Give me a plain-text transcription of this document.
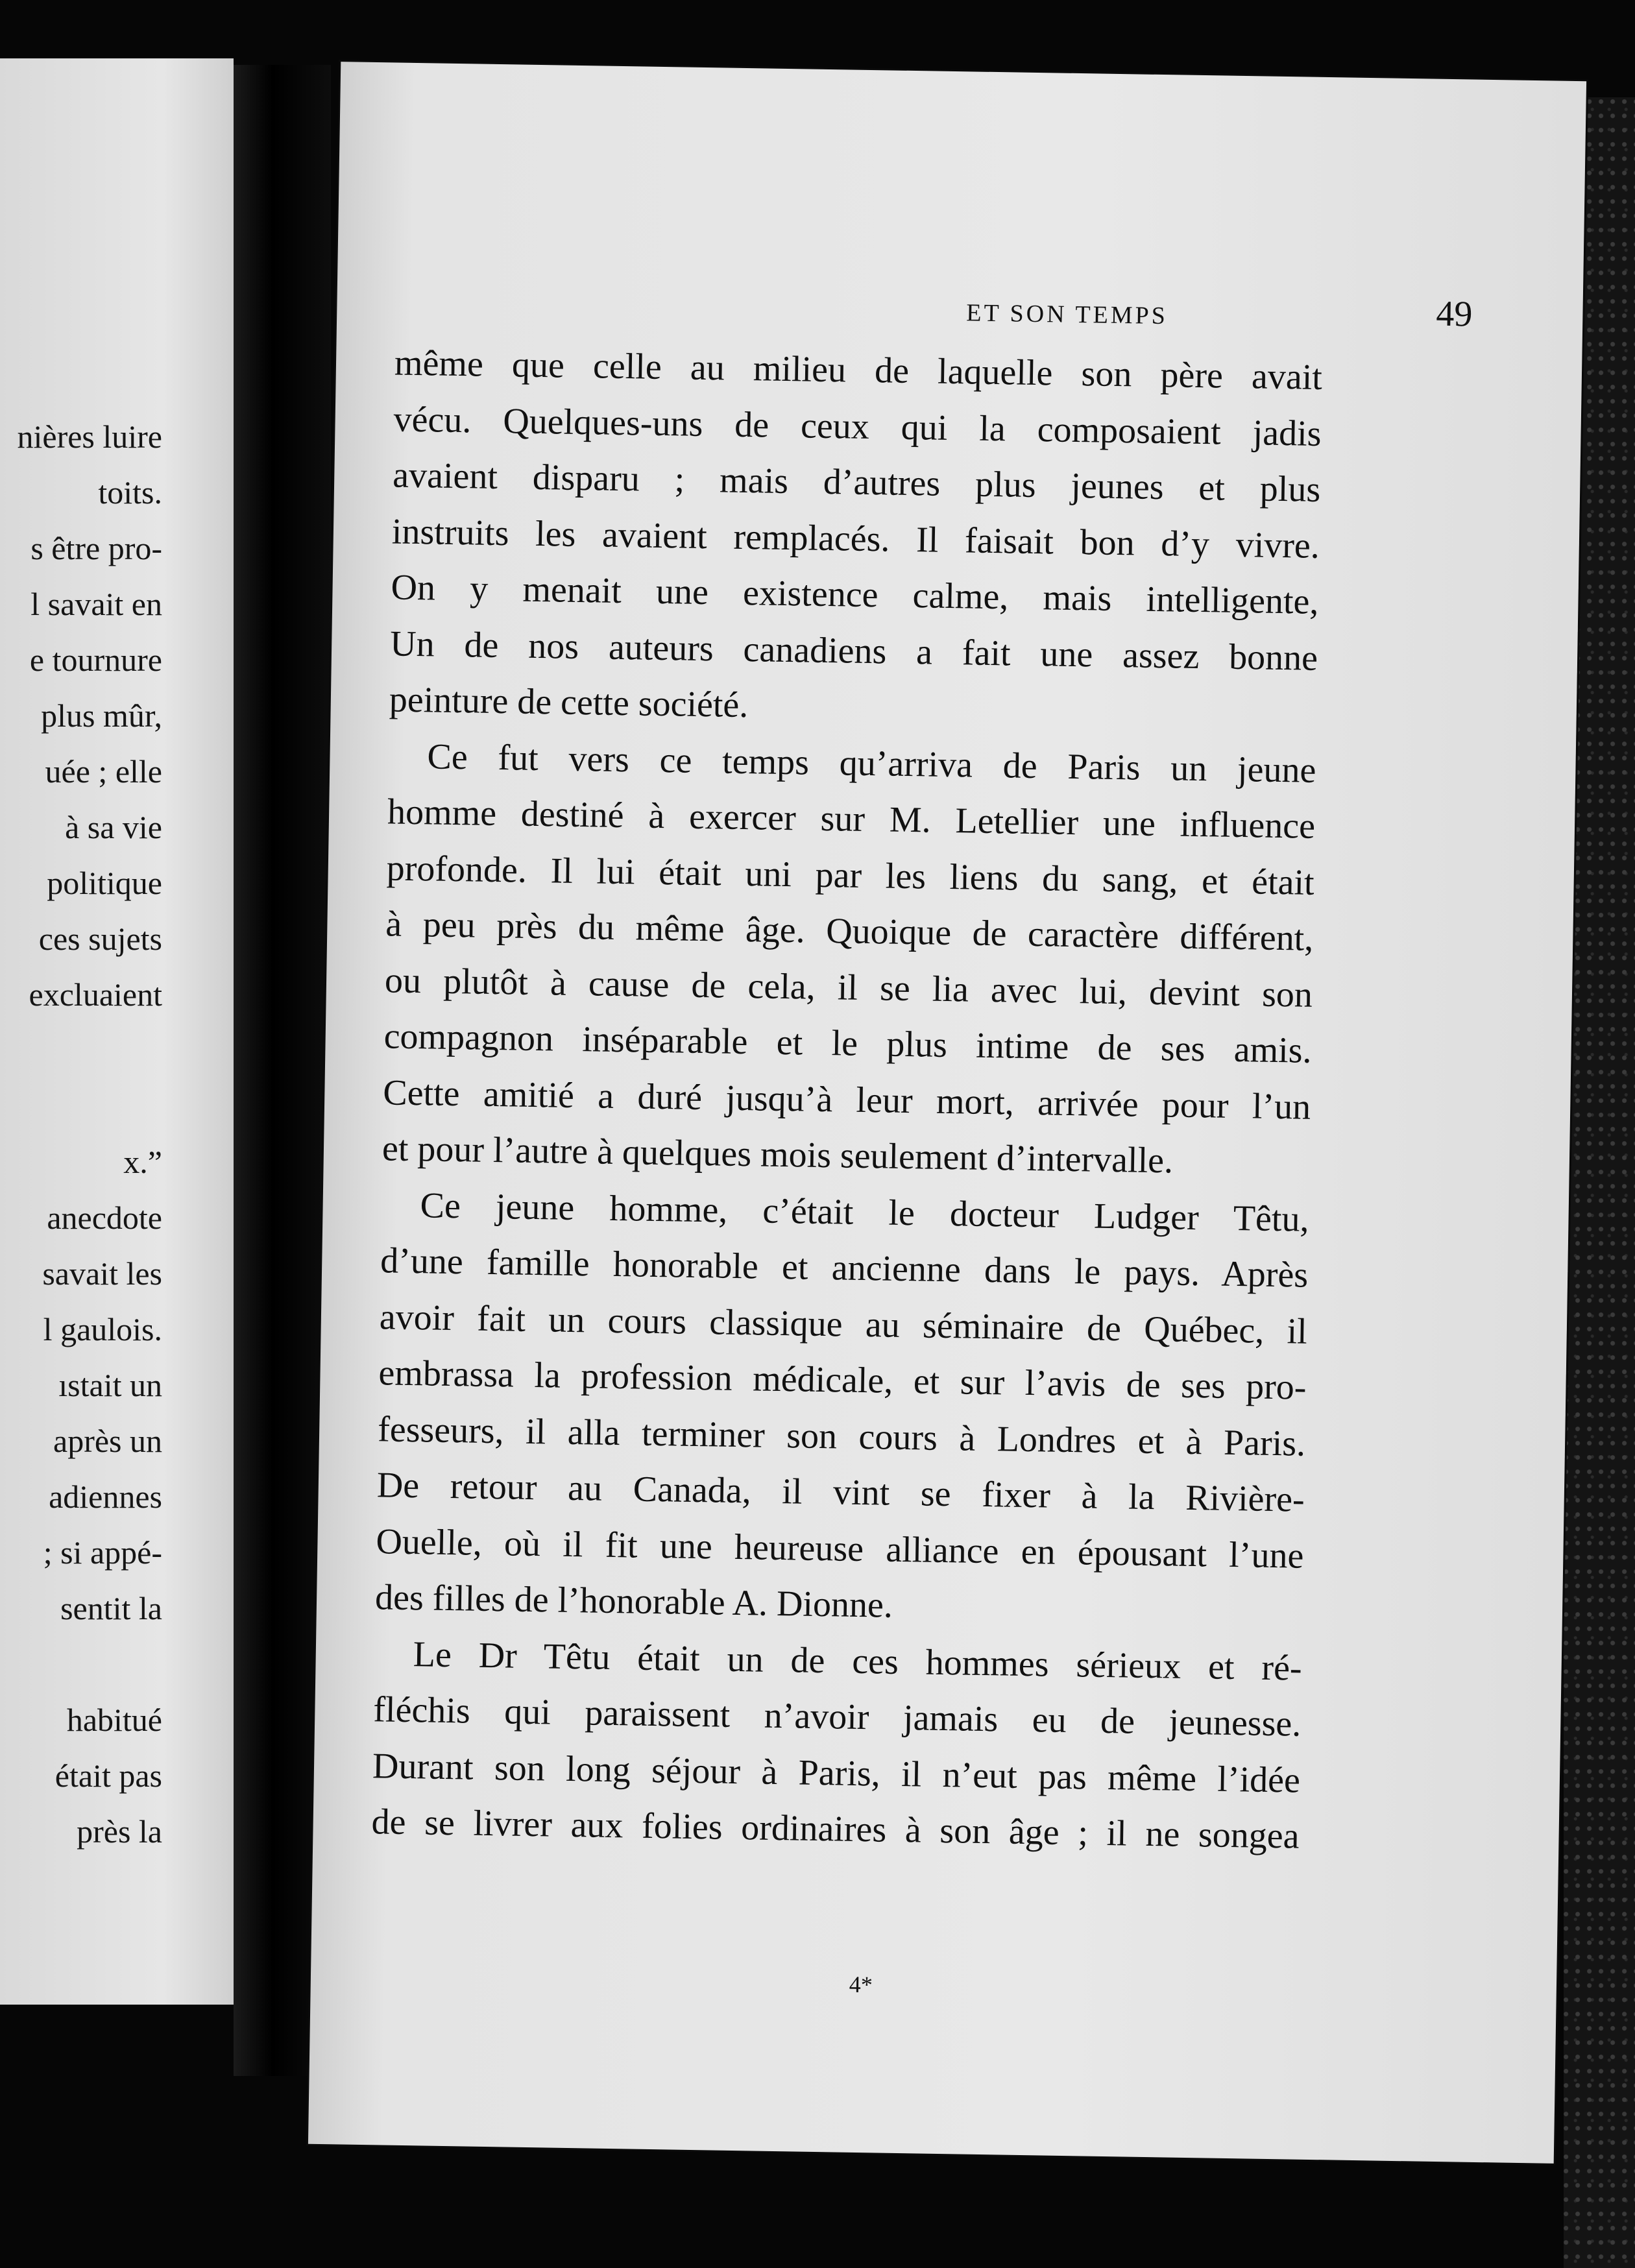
nières luire
toits.
s être pro-
l savait en
e tournure
plus mûr,
uée ; elle
à sa vie
politique
ces sujets
excluaient
x.”
anecdote
savait les
l gaulois.
ıstait un
après un
adiennes
; si appé-
sentit la
habitué
était pas
près la
ET SON TEMPS	49
même que celle au milieu de laquelle son père avait
vécu. Quelques-uns de ceux qui la composaient jadis
avaient disparu ; mais d’autres plus jeunes et plus
instruits les avaient remplacés. Il faisait bon d’y vivre.
On y menait une existence calme, mais intelligente,
Un de nos auteurs canadiens a fait une assez bonne
peinture de cette société.
Ce fut vers ce temps qu’arriva de Paris un jeune
homme destiné à exercer sur M. Letellier une influence
profonde. Il lui était uni par les liens du sang, et était
à peu près du même âge. Quoique de caractère différent,
ou plutôt à cause de cela, il se lia avec lui, devint son
compagnon inséparable et le plus intime de ses amis.
Cette amitié a duré jusqu’à leur mort, arrivée pour l’un
et pour l’autre à quelques mois seulement d’intervalle.
Ce jeune homme, c’était le docteur Ludger Têtu,
d’une famille honorable et ancienne dans le pays. Après
avoir fait un cours classique au séminaire de Québec, il
embrassa la profession médicale, et sur l’avis de ses pro-
fesseurs, il alla terminer son cours à Londres et à Paris.
De retour au Canada, il vint se fixer à la Rivière-
Ouelle, où il fit une heureuse alliance en épousant l’une
des filles de l’honorable A. Dionne.
Le Dr Têtu était un de ces hommes sérieux et ré-
fléchis qui paraissent n’avoir jamais eu de jeunesse.
Durant son long séjour à Paris, il n’eut pas même l’idée
de se livrer aux folies ordinaires à son âge ; il ne songea
4*
